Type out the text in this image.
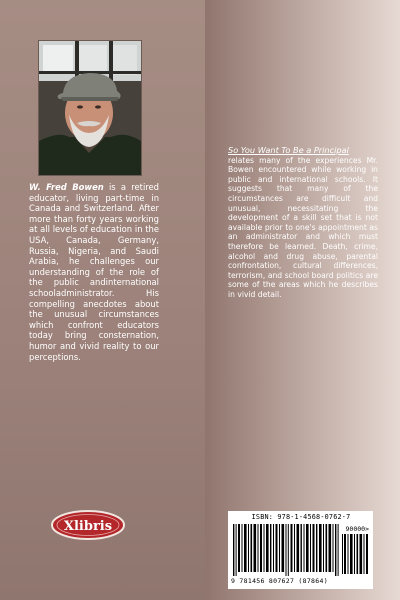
W. Fred Bowen is a retired educator, living part-time in Canada and Switzerland. After more than forty years working at all levels of education in the USA, Canada, Germany, Russia, Nigeria, and Saudi Arabia, he challenges our understanding of the role of the public andinternational schooladministrator. His compelling anecdotes about the unusual circumstances which confront educators today bring consternation, humor and vivid reality to our perceptions.
So You Want To Be a Principal
relates many of the experiences Mr. Bowen encountered while working in public and international schools. It suggests that many of the circumstances are difficult and unusual, necessitating the development of a skill set that is not available prior to one's appointment as an administrator and which must therefore be learned. Death, crime, alcohol and drug abuse, parental confrontation, cultural differences, terrorism, and school board politics are some of the areas which he describes in vivid detail.
Xlibris
ISBN: 978-1-4568-0762-7
90000>
9 781456 807627 (87864)
